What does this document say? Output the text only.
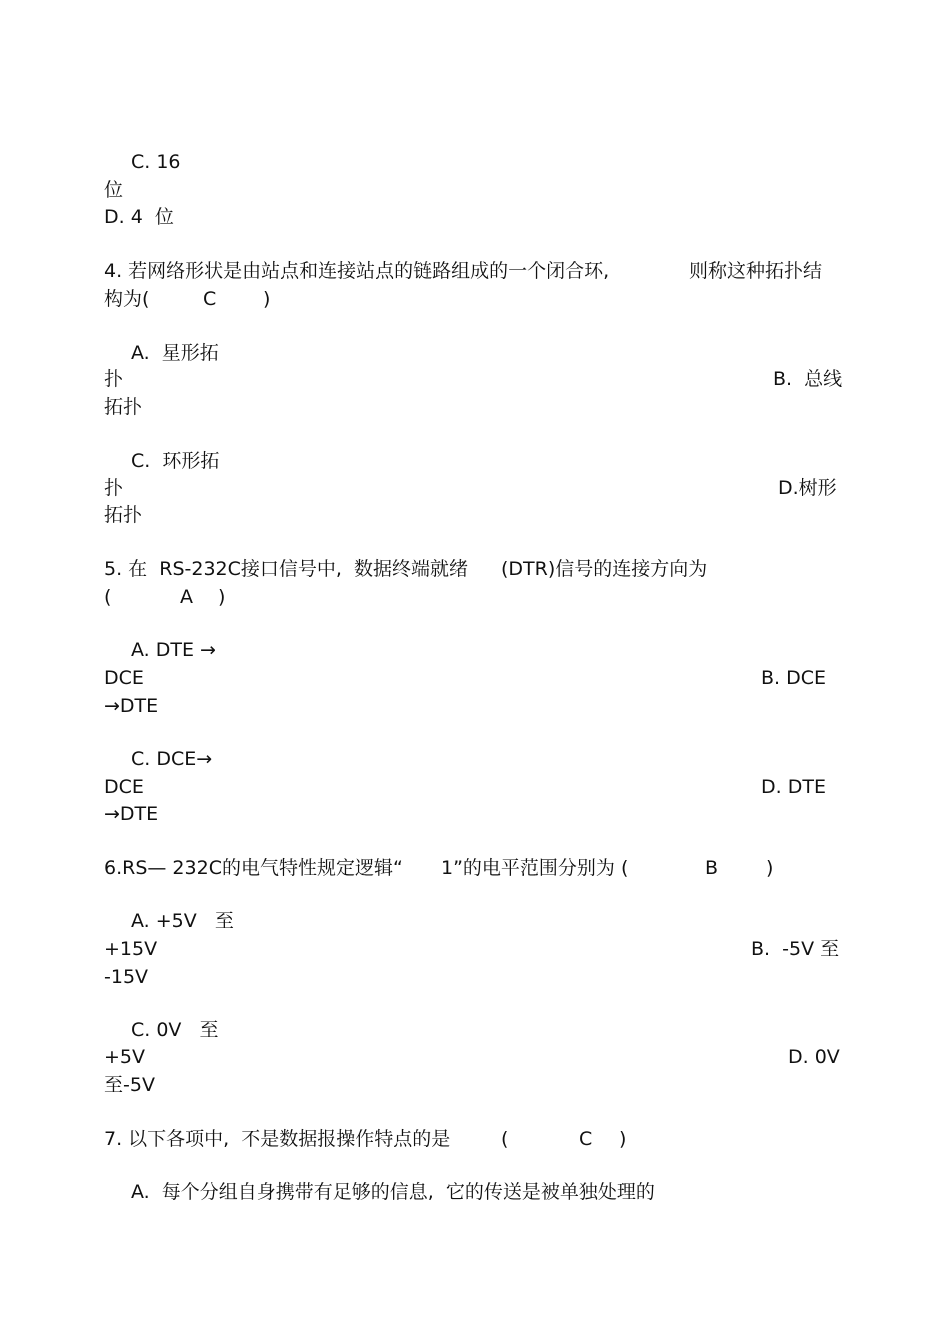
C. 16
位
D. 4  位
4. 若网络形状是由站点和连接站点的链路组成的一个闭合环,	则称这种拓扑结
构为(	C )
A.  星形拓
扑	B.  总线
拓扑
C.  环形拓
扑	D.树形
拓扑
5. 在  RS-232C接口信号中,  数据终端就绪 (DTR)信号的连接方向为
(	A )
A. DTE →
DCE	B. DCE
→DTE
C. DCE→
DCE	D. DTE
→DTE
6.RS— 232C的电气特性规定逻辑“ 1”的电平范围分别为 (	B	)
A. +5V   至
+15V	B.  -5V 至
-15V
C. 0V   至
+5V	D. 0V
至-5V
7. 以下各项中,  不是数据报操作特点的是	(	C )
A.  每个分组自身携带有足够的信息,  它的传送是被单独处理的
